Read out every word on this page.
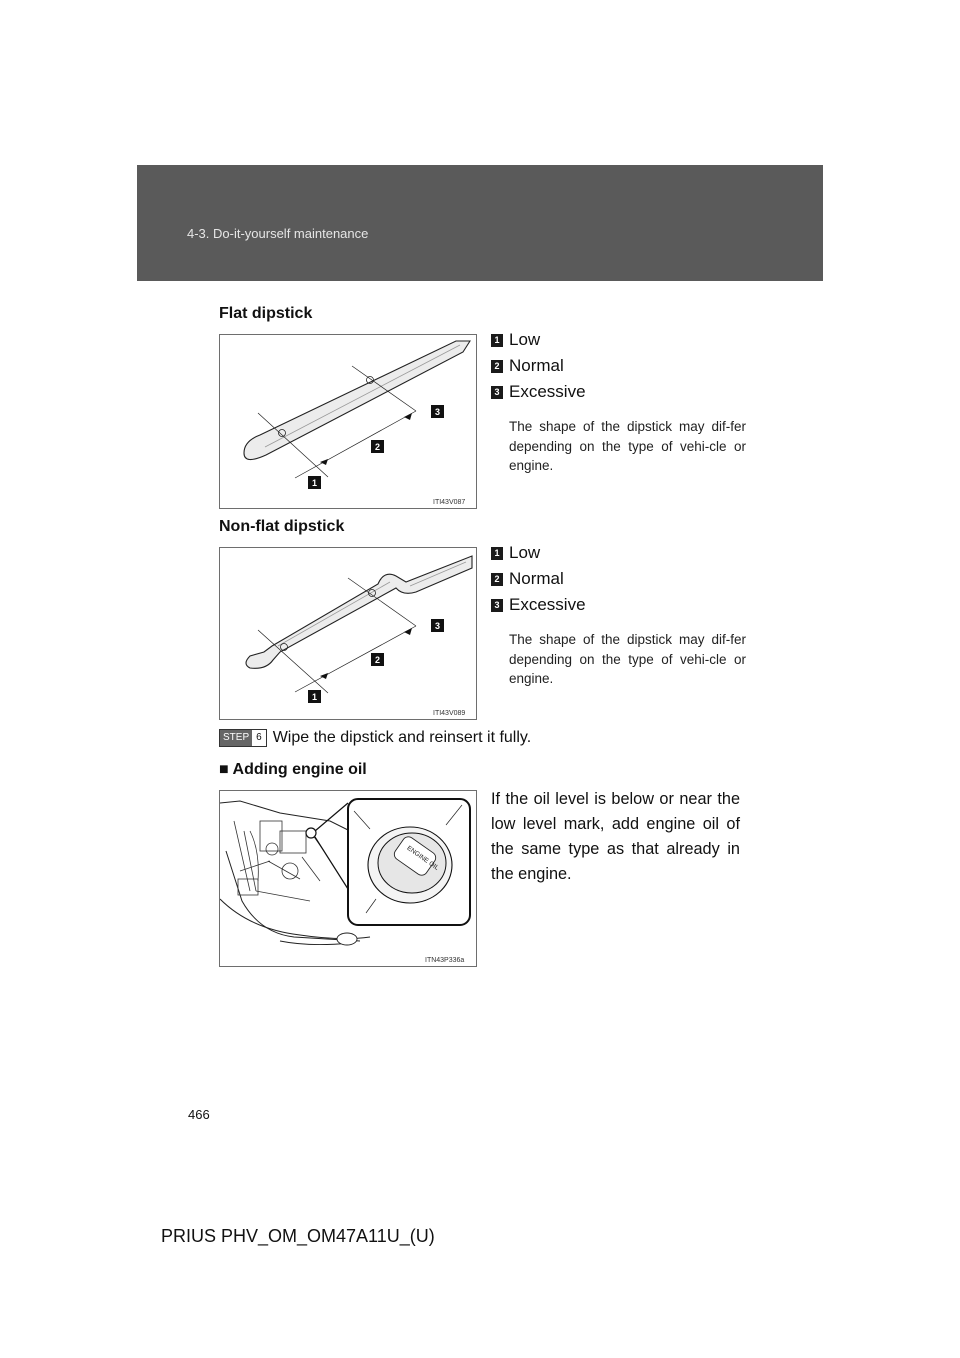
4-3. Do-it-yourself maintenance
Flat dipstick
1
2
3
ITI43V087
1 Low
2 Normal
3 Excessive
The shape of the dipstick may dif-fer depending on the type of vehi-cle or engine.
Non-flat dipstick
1
2
3
ITI43V089
1 Low
2 Normal
3 Excessive
The shape of the dipstick may dif-fer depending on the type of vehi-cle or engine.
STEP 6 Wipe the dipstick and reinsert it fully.
■ Adding engine oil
ENGINE OIL
ITN43P336a
If the oil level is below or near the low level mark, add engine oil of the same type as that already in the engine.
466
PRIUS PHV_OM_OM47A11U_(U)
